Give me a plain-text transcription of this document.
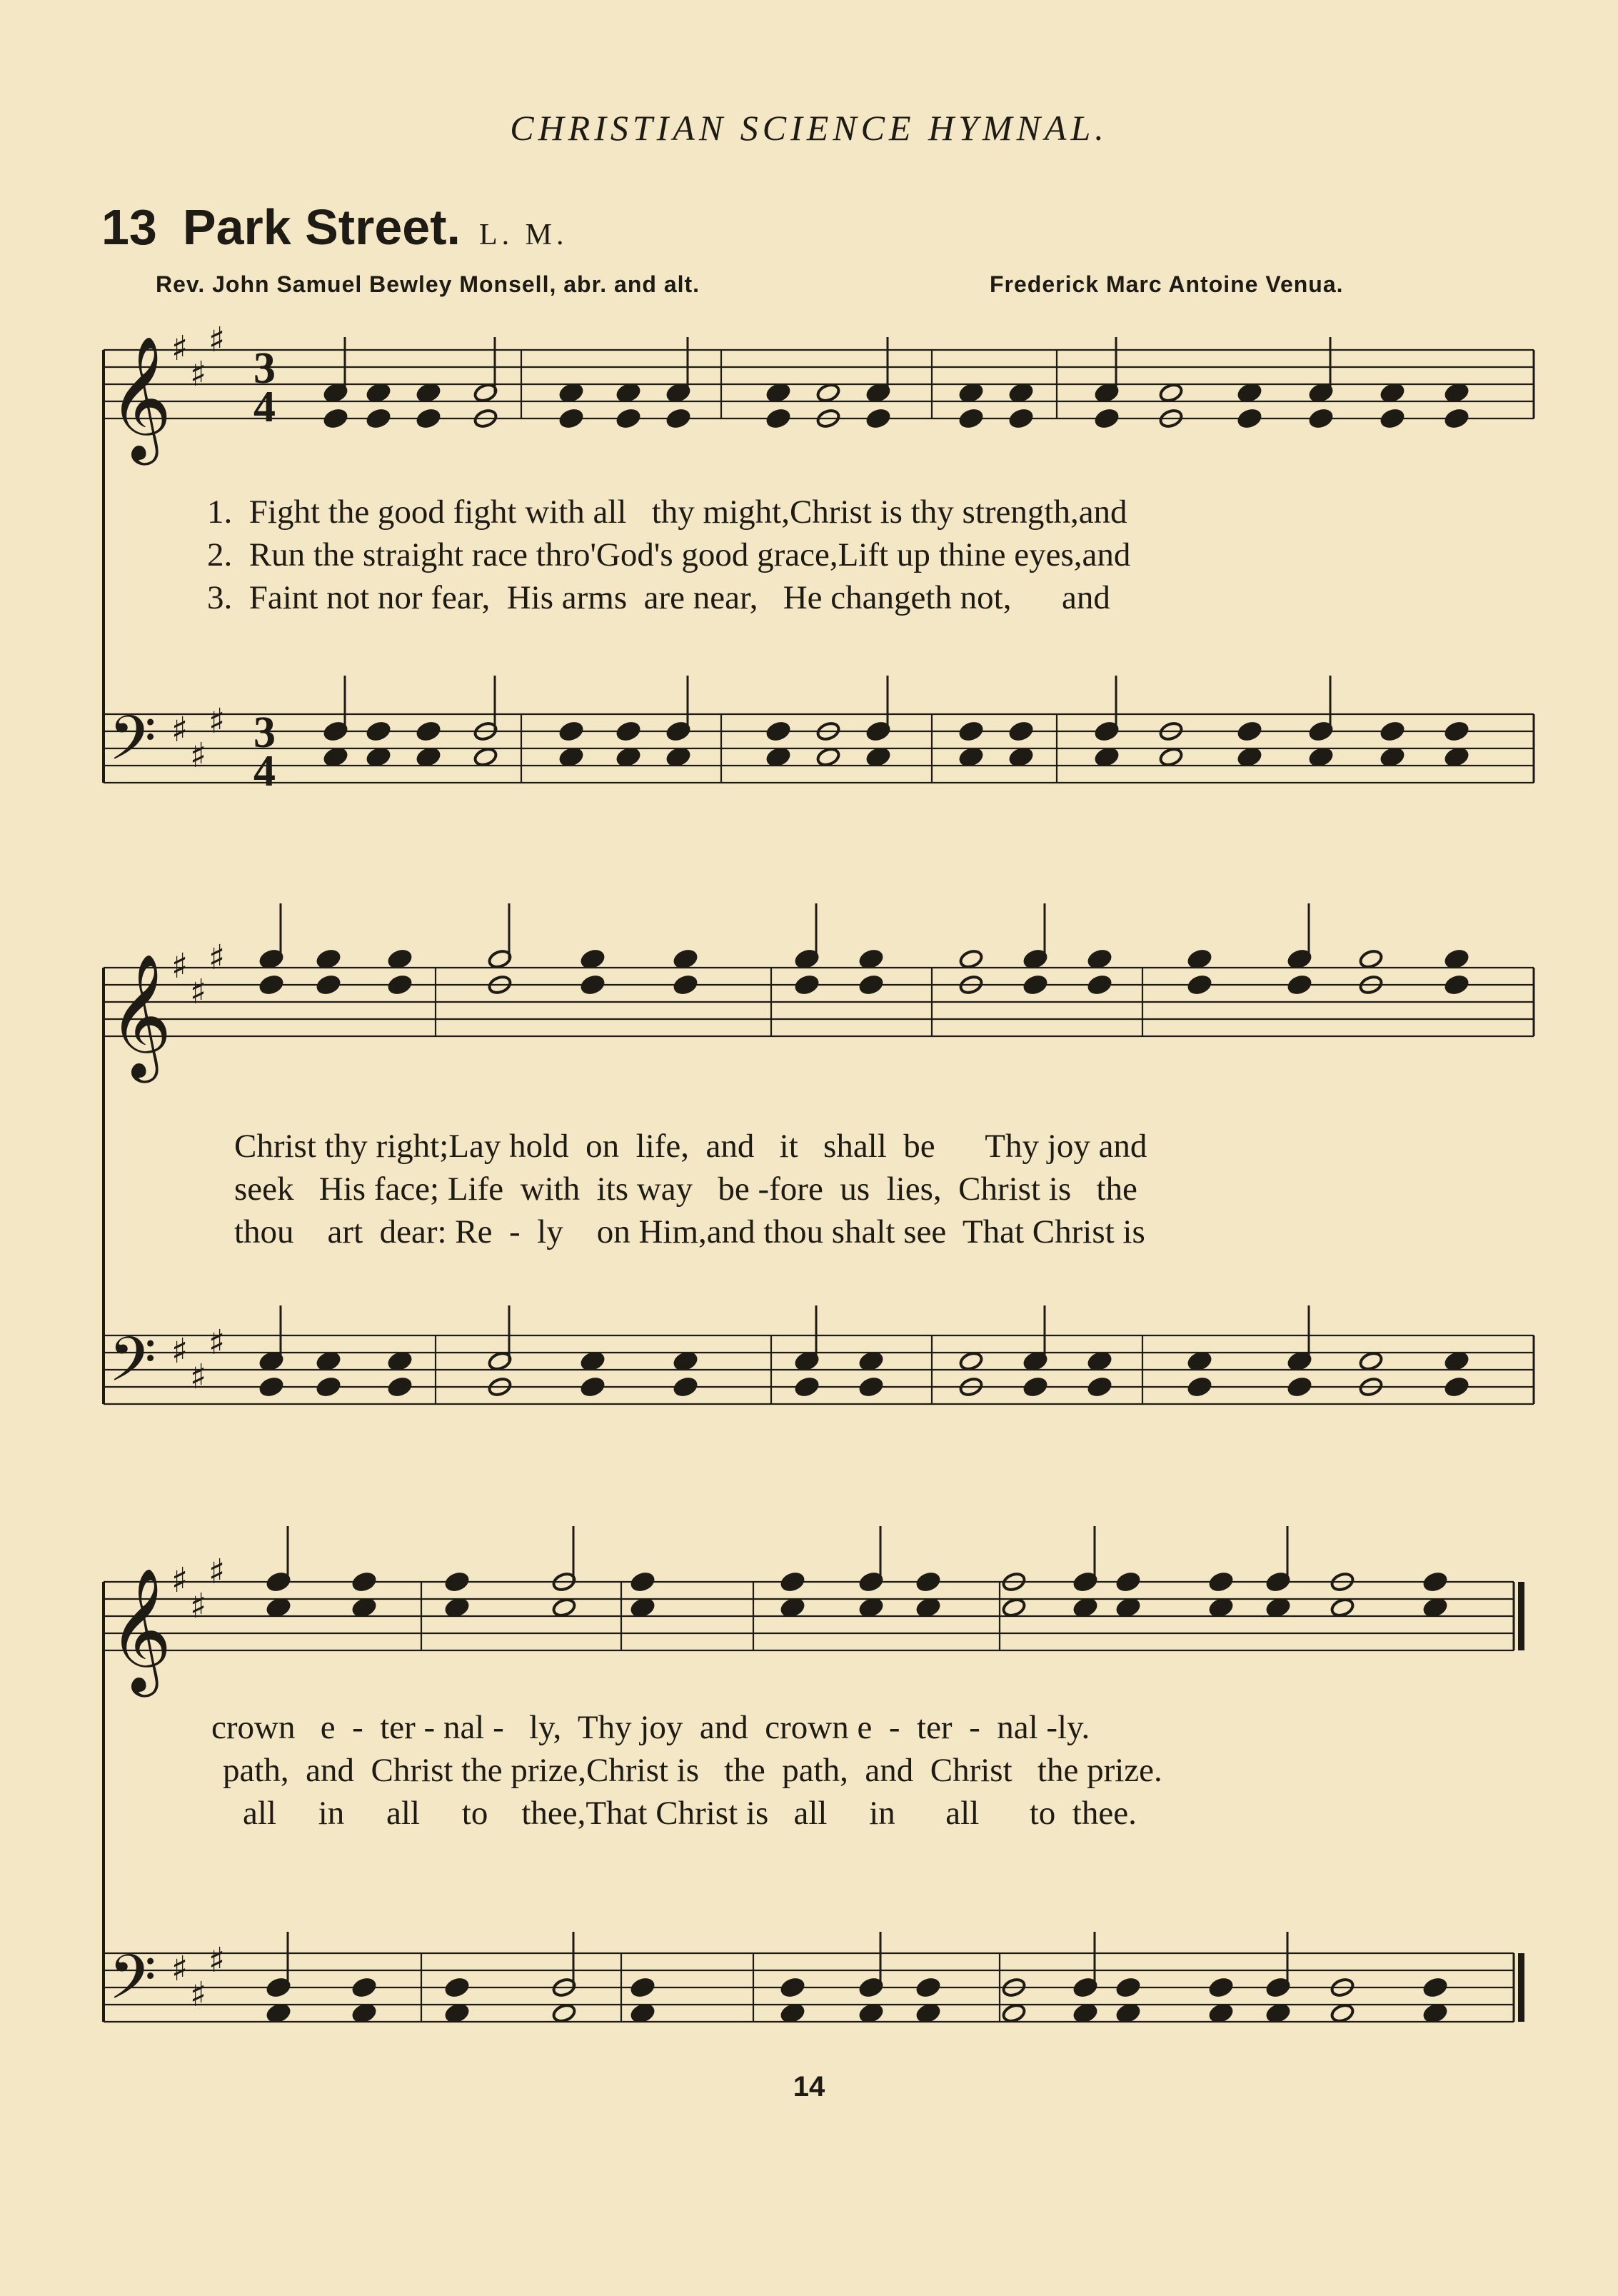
CHRISTIAN SCIENCE HYMNAL.
13 Park Street. L. M.
Rev. John Samuel Bewley Monsell, abr. and alt.	Frederick Marc Antoine Venua.
𝄞 ♯
♯
♯
3
4
𝄢 ♯
♯
♯ 3
4
𝄞 ♯
♯
♯
𝄢 ♯
♯
♯
𝄞 ♯
♯
♯
𝄢 ♯
♯
♯
1.  Fight the good fight with all   thy might,Christ is thy strength,and
2.  Run the straight race thro'God's good grace,Lift up thine eyes,and
3.  Faint not nor fear,  His arms  are near,   He changeth not,      and
Christ thy right;Lay hold  on  life,  and   it   shall  be      Thy joy and
seek   His face; Life  with  its way   be -fore  us  lies,  Christ is   the
thou    art  dear: Re  -  ly    on Him,and thou shalt see  That Christ is
crown   e  -  ter - nal -   ly,  Thy joy  and  crown e  -  ter  -  nal -ly.
path,  and  Christ the prize,Christ is   the  path,  and  Christ   the prize.
all     in     all     to    thee,That Christ is   all     in      all      to  thee.
14
